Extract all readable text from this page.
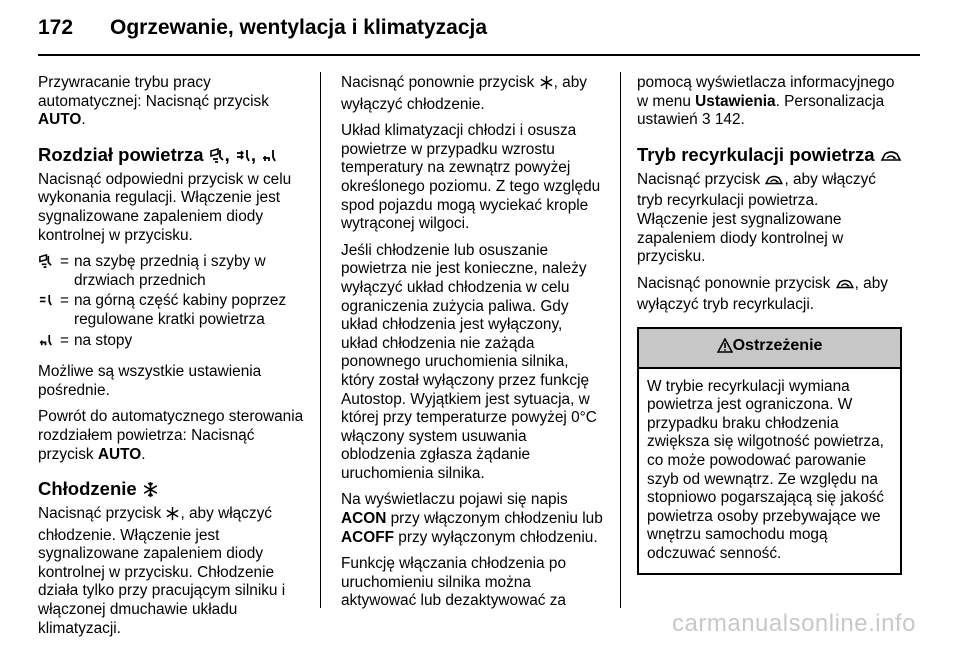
172 Ogrzewanie, wentylacja i klimatyzacja

Przywracanie trybu pracy automatycznej: Nacisnąć przycisk AUTO.

Rozdział powietrza , ,

Nacisnąć odpowiedni przycisk w celu wykonania regulacji. Włączenie jest sygnalizowane zapaleniem diody kontrolnej w przycisku.

= na szybę przednią i szyby w drzwiach przednich
= na górną część kabiny poprzez regulowane kratki powietrza
= na stopy

Możliwe są wszystkie ustawienia pośrednie.

Powrót do automatycznego sterowania rozdziałem powietrza: Nacisnąć przycisk AUTO.

Chłodzenie

Nacisnąć przycisk , aby włączyć chłodzenie. Włączenie jest sygnalizowane zapaleniem diody kontrolnej w przycisku. Chłodzenie działa tylko przy pracującym silniku i włączonej dmuchawie układu klimatyzacji.

Nacisnąć ponownie przycisk , aby wyłączyć chłodzenie.

Układ klimatyzacji chłodzi i osusza powietrze w przypadku wzrostu temperatury na zewnątrz powyżej określonego poziomu. Z tego względu spod pojazdu mogą wyciekać krople wytrąconej wilgoci.

Jeśli chłodzenie lub osuszanie powietrza nie jest konieczne, należy wyłączyć układ chłodzenia w celu ograniczenia zużycia paliwa. Gdy układ chłodzenia jest wyłączony, układ chłodzenia nie zażąda ponownego uruchomienia silnika, który został wyłączony przez funkcję Autostop. Wyjątkiem jest sytuacja, w której przy temperaturze powyżej 0°C włączony system usuwania oblodzenia zgłasza żądanie uruchomienia silnika.

Na wyświetlaczu pojawi się napis ACON przy włączonym chłodzeniu lub ACOFF przy wyłączonym chłodzeniu.

Funkcję włączania chłodzenia po uruchomieniu silnika można aktywować lub dezaktywować za

pomocą wyświetlacza informacyjnego w menu Ustawienia. Personalizacja ustawień 3 142.

Tryb recyrkulacji powietrza

Nacisnąć przycisk , aby włączyć tryb recyrkulacji powietrza.
Włączenie jest sygnalizowane zapaleniem diody kontrolnej w przycisku.

Nacisnąć ponownie przycisk , aby wyłączyć tryb recyrkulacji.

Ostrzeżenie
W trybie recyrkulacji wymiana powietrza jest ograniczona. W przypadku braku chłodzenia zwiększa się wilgotność powietrza, co może powodować parowanie szyb od wewnątrz. Ze względu na stopniowo pogarszającą się jakość powietrza osoby przebywające we wnętrzu samochodu mogą odczuwać senność.
carmanualsonline.info
